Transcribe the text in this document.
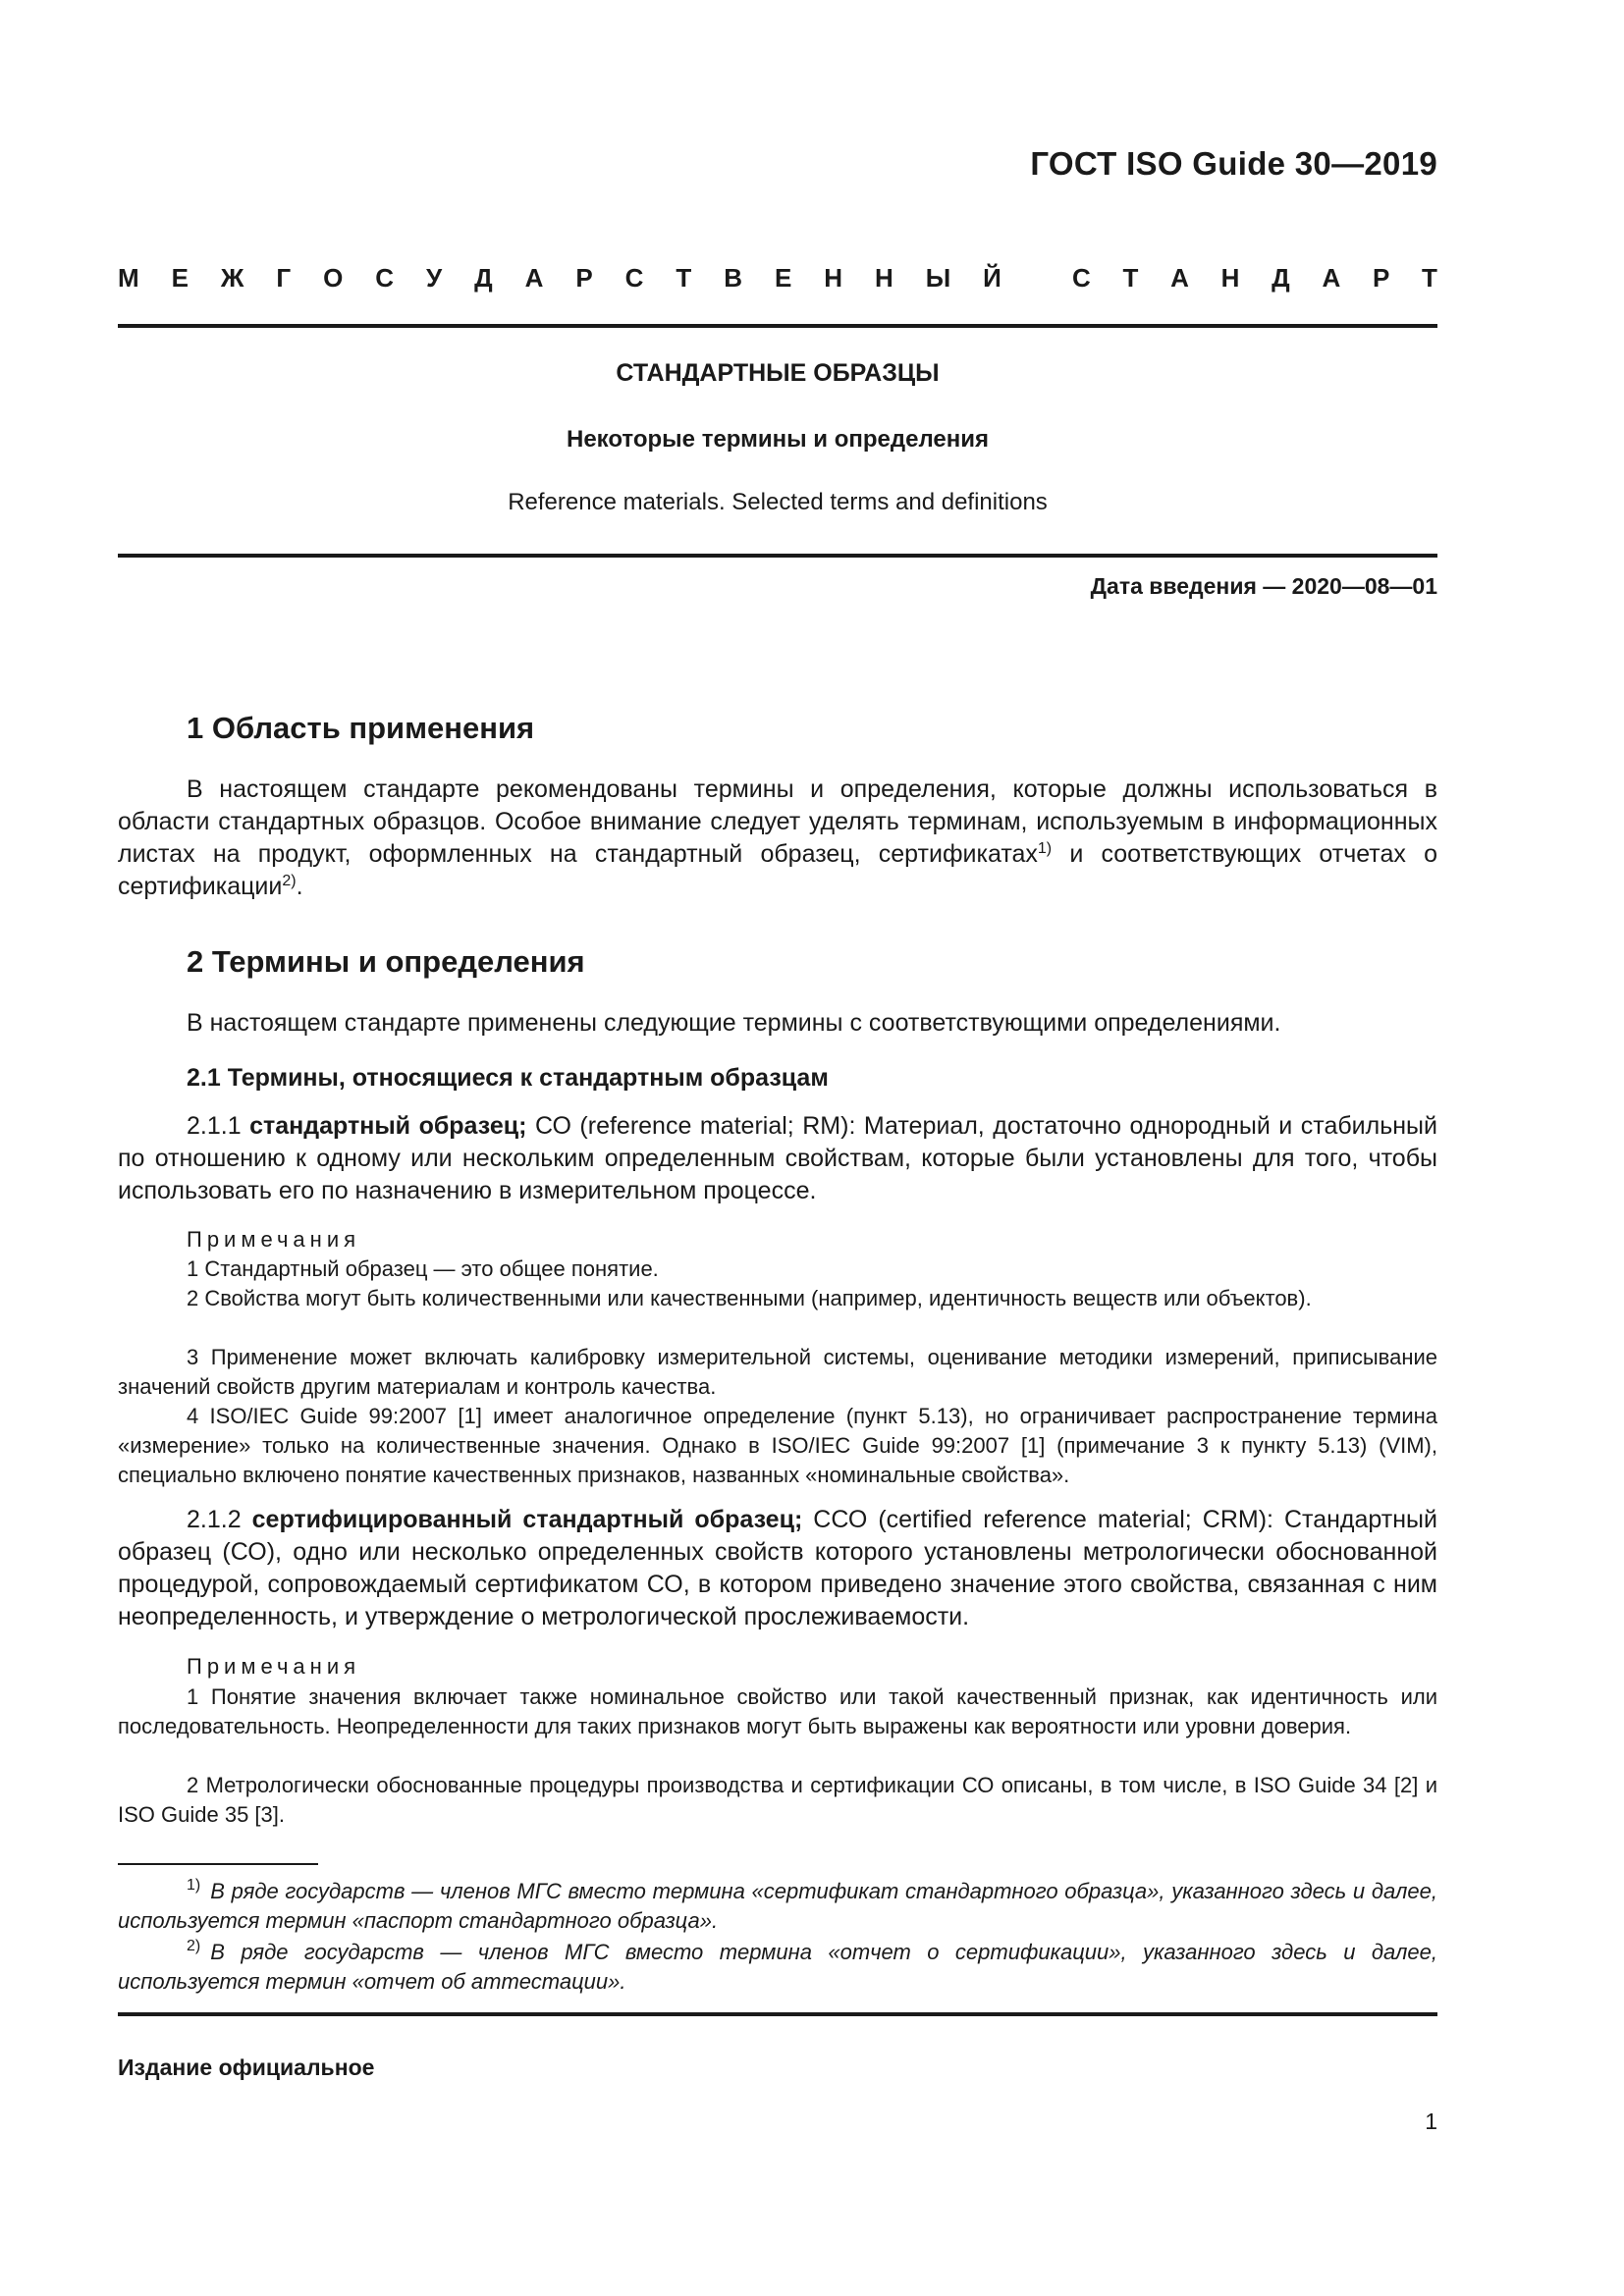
ГОСТ ISO Guide 30—2019
М Е Ж Г О С У Д А Р С Т В Е Н Н Ы Й	С Т А Н Д А Р Т
СТАНДАРТНЫЕ ОБРАЗЦЫ
Некоторые термины и определения
Reference materials. Selected terms and definitions
Дата введения — 2020—08—01
1 Область применения
В настоящем стандарте рекомендованы термины и определения, которые должны использоваться в области стандартных образцов. Особое внимание следует уделять терминам, используемым в информационных листах на продукт, оформленных на стандартный образец, сертификатах$^{1)}$ и соответствующих отчетах о сертификации$^{2)}$.
2 Термины и определения
В настоящем стандарте применены следующие термины с соответствующими определениями.
2.1 Термины, относящиеся к стандартным образцам
2.1.1 стандартный образец; СО (reference material; RM): Материал, достаточно однородный и стабильный по отношению к одному или нескольким определенным свойствам, которые были установлены для того, чтобы использовать его по назначению в измерительном процессе.
Примечания
1 Стандартный образец — это общее понятие.
2 Свойства могут быть количественными или качественными (например, идентичность веществ или объектов).
3 Применение может включать калибровку измерительной системы, оценивание методики измерений, приписывание значений свойств другим материалам и контроль качества.
4 ISO/IEC Guide 99:2007 [1] имеет аналогичное определение (пункт 5.13), но ограничивает распространение термина «измерение» только на количественные значения. Однако в ISO/IEC Guide 99:2007 [1] (примечание 3 к пункту 5.13) (VIM), специально включено понятие качественных признаков, названных «номинальные свойства».
2.1.2 сертифицированный стандартный образец; ССО (certified reference material; CRM): Стандартный образец (СО), одно или несколько определенных свойств которого установлены метрологически обоснованной процедурой, сопровождаемый сертификатом СО, в котором приведено значение этого свойства, связанная с ним неопределенность, и утверждение о метрологической прослеживаемости.
Примечания
1 Понятие значения включает также номинальное свойство или такой качественный признак, как идентичность или последовательность. Неопределенности для таких признаков могут быть выражены как вероятности или уровни доверия.
2 Метрологически обоснованные процедуры производства и сертификации СО описаны, в том числе, в ISO Guide 34 [2] и ISO Guide 35 [3].
$^{1)}$ В ряде государств — членов МГС вместо термина «сертификат стандартного образца», указанного здесь и далее, используется термин «паспорт стандартного образца».
$^{2)}$ В ряде государств — членов МГС вместо термина «отчет о сертификации», указанного здесь и далее, используется термин «отчет об аттестации».
Издание официальное
1
